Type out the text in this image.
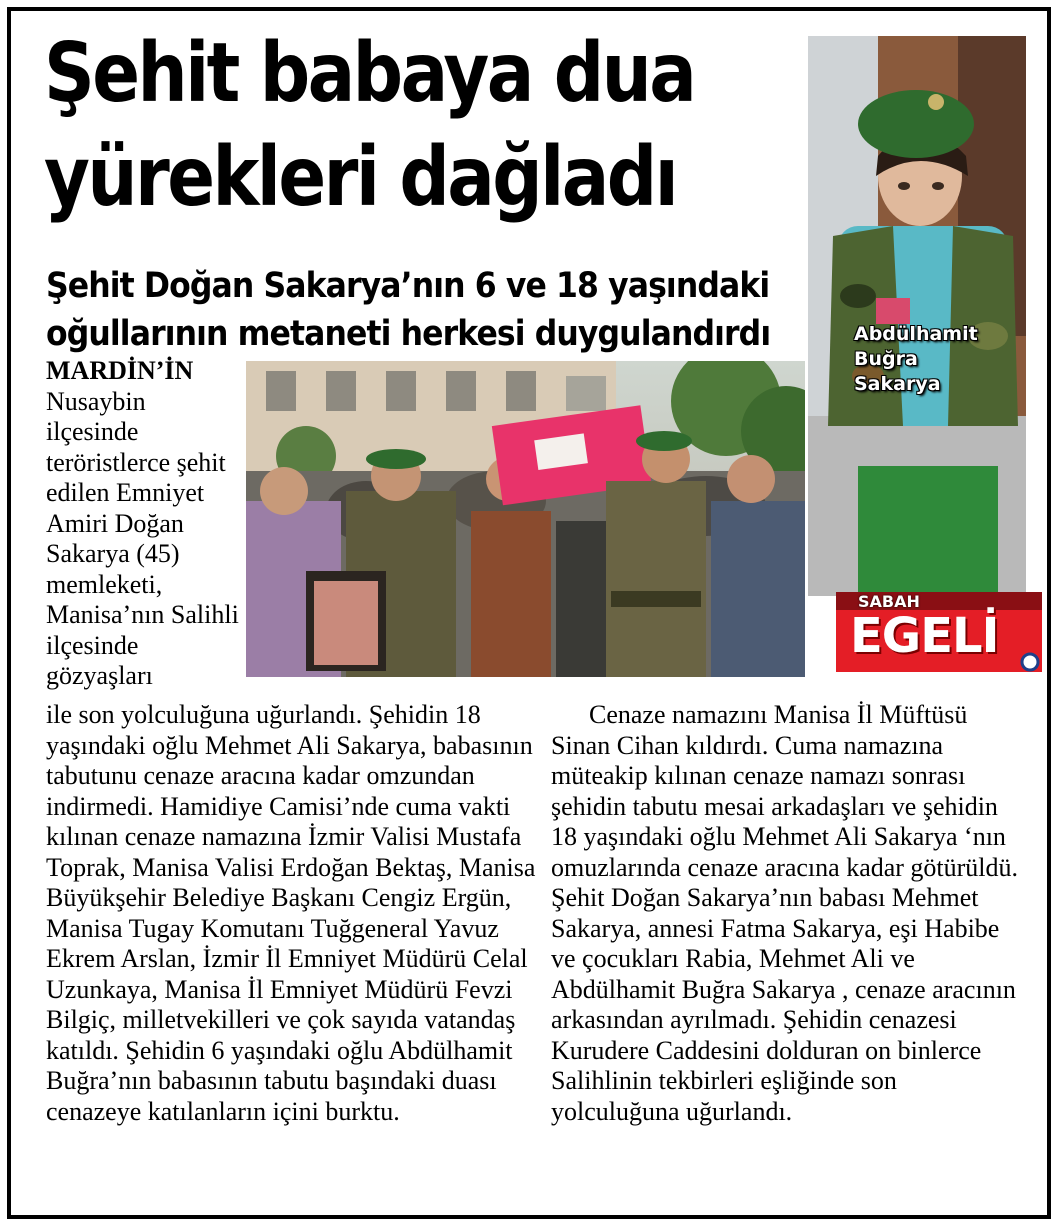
Şehit babaya dua
yürekleri dağladı
Şehit Doğan Sakarya’nın 6 ve 18 yaşındaki
oğullarının metaneti herkesi duygulandırdı	Abdülhamit
Buğra
Sakarya

SABAH
EGELİ

MARDİN’İN Nusaybin ilçesinde teröristlerce şehit edilen Emniyet Amiri Doğan Sakarya (45) memleketi, Manisa’nın Salihli ilçesinde gözyaşları

ile son yolculuğuna uğurlandı. Şehidin 18 yaşındaki oğlu Mehmet Ali Sakarya, babasının tabutunu cenaze aracına kadar omzundan indirmedi. Hamidiye Camisi’nde cuma vakti kılınan cenaze namazına İzmir Valisi Mustafa Toprak, Manisa Valisi Erdoğan Bektaş, Manisa Büyükşehir Belediye Başkanı Cengiz Ergün, Manisa Tugay Komutanı Tuğgeneral Yavuz Ekrem Arslan, İzmir İl Emniyet Müdürü Celal Uzunkaya, Manisa İl Emniyet Müdürü Fevzi Bilgiç, milletvekilleri ve çok sayıda vatandaş katıldı. Şehidin 6 yaşındaki oğlu Abdülhamit Buğra’nın babasının tabutu başındaki duası cenazeye katılanların içini burktu.

Cenaze namazını Manisa İl Müftüsü Sinan Cihan kıldırdı. Cuma namazına müteakip kılınan cenaze namazı sonrası şehidin tabutu mesai arkadaşları ve şehidin 18 yaşındaki oğlu Mehmet Ali Sakarya ‘nın omuzlarında cenaze aracına kadar götürüldü. Şehit Doğan Sakarya’nın babası Mehmet Sakarya, annesi Fatma Sakarya, eşi Habibe ve çocukları Rabia, Mehmet Ali ve Abdülhamit Buğra Sakarya , cenaze aracının arkasından ayrılmadı. Şehidin cenazesi Kurudere Caddesini dolduran on binlerce Salihlinin tekbirleri eşliğinde son yolculuğuna uğurlandı.
